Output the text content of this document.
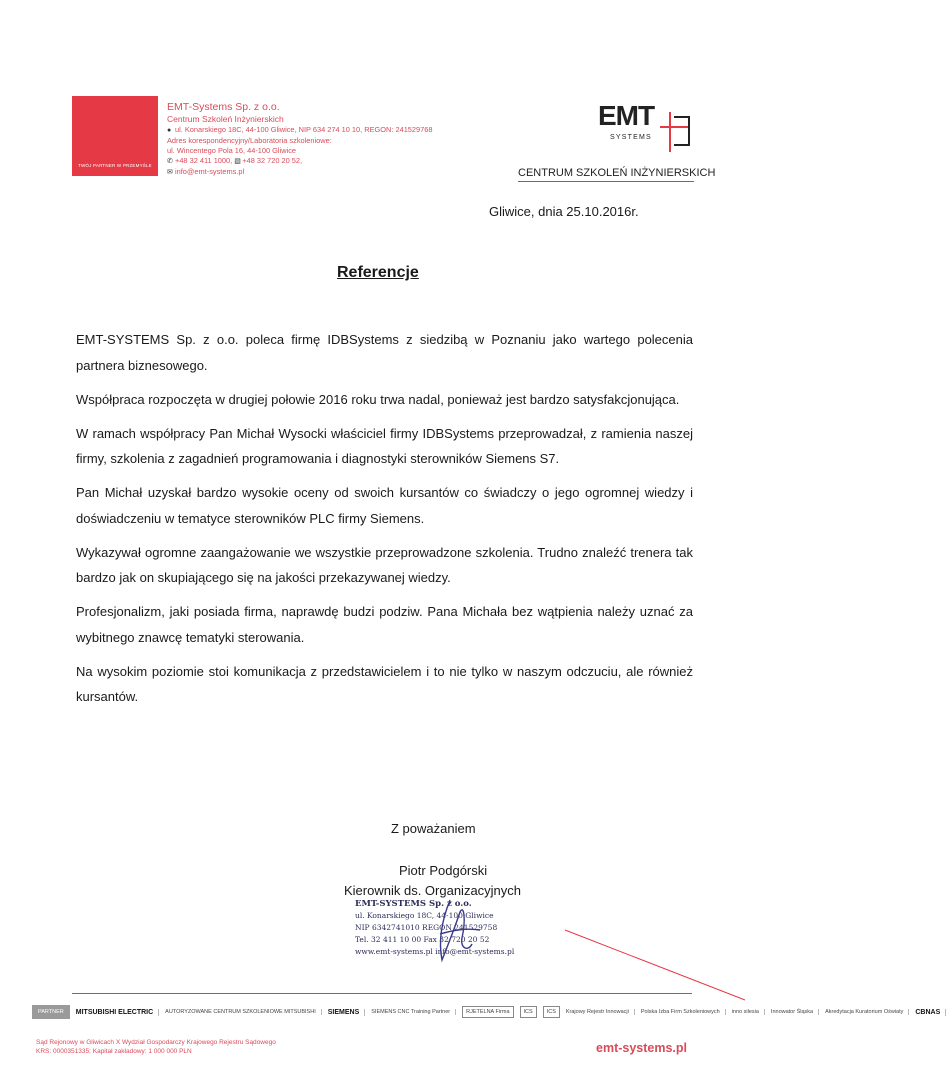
TWÓJ PARTNER W PRZEMYŚLE
EMT-Systems Sp. z o.o.
Centrum Szkoleń Inżynierskich
● ul. Konarskiego 18C, 44-100 Gliwice, NIP 634 274 10 10, REGON: 241529768
Adres korespondencyjny/Laboratoria szkoleniowe:
ul. Wincentego Pola 16, 44-100 Gliwice
✆ +48 32 411 1000, ▧+48 32 720 20 52,
✉ info@emt-systems.pl
EMT
SYSTEMS
CENTRUM SZKOLEŃ INŻYNIERSKICH
Gliwice, dnia 25.10.2016r.
Referencje

EMT-SYSTEMS Sp. z o.o. poleca firmę IDBSystems z siedzibą w Poznaniu jako wartego polecenia partnera biznesowego.

Współpraca rozpoczęta w drugiej połowie 2016 roku trwa nadal, ponieważ jest bardzo satysfakcjonująca.

W ramach współpracy Pan Michał Wysocki właściciel firmy IDBSystems przeprowadzał, z ramienia naszej firmy, szkolenia z zagadnień programowania i diagnostyki sterowników Siemens S7.

Pan Michał uzyskał bardzo wysokie oceny od swoich kursantów co świadczy o jego ogromnej wiedzy i doświadczeniu w tematyce sterowników PLC firmy Siemens.

Wykazywał ogromne zaangażowanie we wszystkie przeprowadzone szkolenia. Trudno znaleźć trenera tak bardzo jak on skupiającego się na jakości przekazywanej wiedzy.

Profesjonalizm, jaki posiada firma, naprawdę budzi podziw. Pana Michała bez wątpienia należy uznać za wybitnego znawcę tematyki sterowania.

Na wysokim poziomie stoi komunikacja z przedstawicielem i to nie tylko w naszym odczuciu, ale również kursantów.

Z poważaniem
Piotr Podgórski
Kierownik ds. Organizacyjnych
EMT-SYSTEMS Sp. z o.o.
ul. Konarskiego 18C, 44-100 Gliwice
NIP 6342741010 REGON 241529758
Tel. 32 411 10 00 Fax 32 720 20 52
www.emt-systems.pl info@emt-systems.pl
PARTNER	MITSUBISHI ELECTRIC	AUTORYZOWANE CENTRUM SZKOLENIOWE MITSUBISHI	SIEMENS	SIEMENS CNC Training Partner	RJETELNA Firma	ICS	ICS	Krajowy Rejestr Innowacji	Polska Izba Firm Szkoleniowych	inno silesia	Innowator Śląska	Akredytacja Kuratorium Oświaty	CBNAS
Sąd Rejonowy w Gliwicach X Wydział Gospodarczy Krajowego Rejestru Sądowego
KRS: 0000351335; Kapitał zakładowy: 1 000 000 PLN	emt-systems.pl
